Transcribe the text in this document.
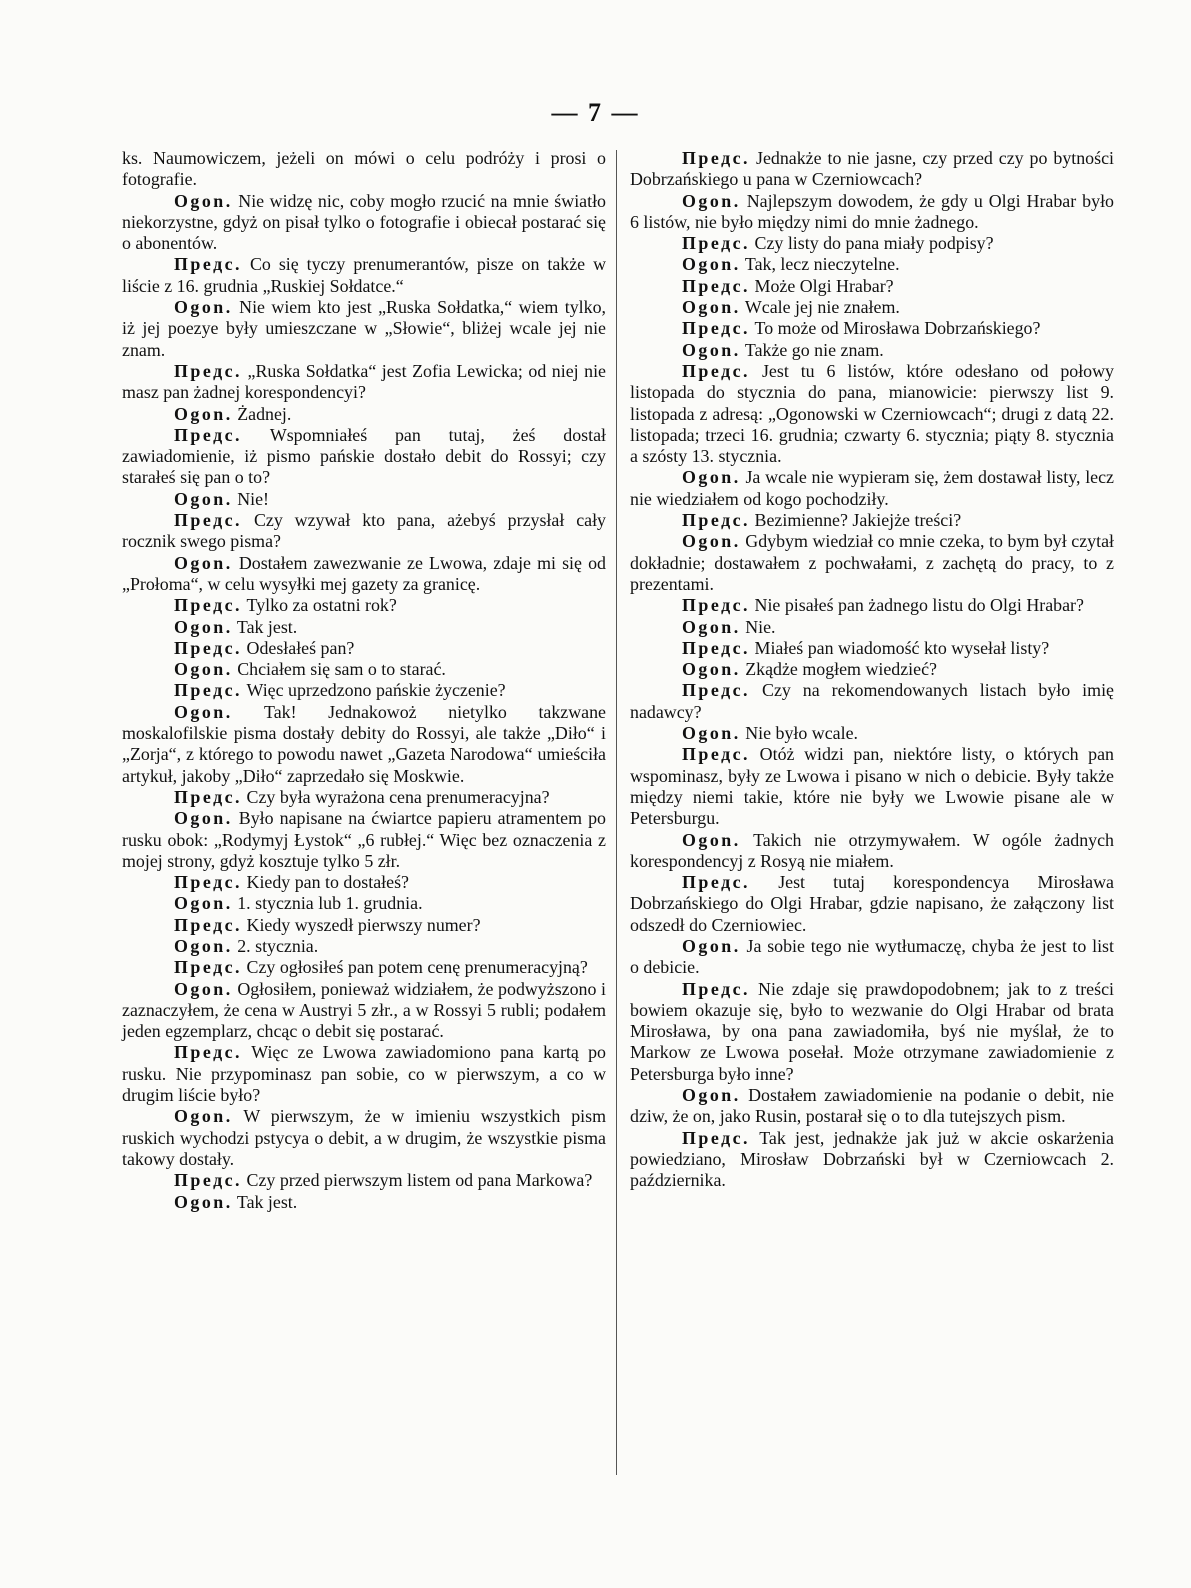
— 7 —

ks. Naumowiczem, jeżeli on mówi o celu podróży i prosi o fotografie.

Ogon. Nie widzę nic, coby mogło rzucić na mnie światło niekorzystne, gdyż on pisał tylko o fotografie i obiecał postarać się o abonentów.

Предс. Co się tyczy prenumerantów, pisze on także w liście z 16. grudnia „Ruskiej Sołdatce.“

Ogon. Nie wiem kto jest „Ruska Sołdatka,“ wiem tylko, iż jej poezye były umieszczane w „Słowie“, bliżej wcale jej nie znam.

Предс. „Ruska Sołdatka“ jest Zofia Lewicka; od niej nie masz pan żadnej korespondencyi?

Ogon. Żadnej.

Предс. Wspomniałeś pan tutaj, żeś dostał zawiadomienie, iż pismo pańskie dostało debit do Rossyi; czy starałeś się pan o to?

Ogon. Nie!

Предс. Czy wzywał kto pana, ażebyś przysłał cały rocznik swego pisma?

Ogon. Dostałem zawezwanie ze Lwowa, zdaje mi się od „Prołoma“, w celu wysyłki mej gazety za granicę.

Предс. Tylko za ostatni rok?

Ogon. Tak jest.

Предс. Odesłałeś pan?

Ogon. Chciałem się sam o to starać.

Предс. Więc uprzedzono pańskie życzenie?

Ogon. Tak! Jednakowoż nietylko takzwane moskalofilskie pisma dostały debity do Rossyi, ale także „Diło“ i „Zorja“, z którego to powodu nawet „Gazeta Narodowa“ umieściła artykuł, jakoby „Diło“ zaprzedało się Moskwie.

Предс. Czy była wyrażona cena prenumeracyjna?

Ogon. Było napisane na ćwiartce papieru atramentem po rusku obok: „Rodymyj Łystok“ „6 rubłej.“ Więc bez oznaczenia z mojej strony, gdyż kosztuje tylko 5 złr.

Предс. Kiedy pan to dostałeś?

Ogon. 1. stycznia lub 1. grudnia.

Предс. Kiedy wyszedł pierwszy numer?

Ogon. 2. stycznia.

Предс. Czy ogłosiłeś pan potem cenę prenumeracyjną?

Ogon. Ogłosiłem, ponieważ widziałem, że podwyższono i zaznaczyłem, że cena w Austryi 5 złr., a w Rossyi 5 rubli; podałem jeden egzemplarz, chcąc o debit się postarać.

Предс. Więc ze Lwowa zawiadomiono pana kartą po rusku. Nie przypominasz pan sobie, co w pierwszym, a co w drugim liście było?

Ogon. W pierwszym, że w imieniu wszystkich pism ruskich wychodzi pstycya o debit, a w drugim, że wszystkie pisma takowy dostały.

Предс. Czy przed pierwszym listem od pana Markowa?

Ogon. Tak jest.

Предс. Jednakże to nie jasne, czy przed czy po bytności Dobrzańskiego u pana w Czerniowcach?

Ogon. Najlepszym dowodem, że gdy u Olgi Hrabar było 6 listów, nie było między nimi do mnie żadnego.

Предс. Czy listy do pana miały podpisy?

Ogon. Tak, lecz nieczytelne.

Предс. Może Olgi Hrabar?

Ogon. Wcale jej nie znałem.

Предс. To może od Mirosława Dobrzańskiego?

Ogon. Także go nie znam.

Предс. Jest tu 6 listów, które odesłano od połowy listopada do stycznia do pana, mianowicie: pierwszy list 9. listopada z adresą: „Ogonowski w Czerniowcach“; drugi z datą 22. listopada; trzeci 16. grudnia; czwarty 6. stycznia; piąty 8. stycznia a szósty 13. stycznia.

Ogon. Ja wcale nie wypieram się, żem dostawał listy, lecz nie wiedziałem od kogo pochodziły.

Предс. Bezimienne? Jakiejże treści?

Ogon. Gdybym wiedział co mnie czeka, to bym był czytał dokładnie; dostawałem z pochwałami, z zachętą do pracy, to z prezentami.

Предс. Nie pisałeś pan żadnego listu do Olgi Hrabar?

Ogon. Nie.

Предс. Miałeś pan wiadomość kto wysełał listy?

Ogon. Zkądże mogłem wiedzieć?

Предс. Czy na rekomendowanych listach było imię nadawcy?

Ogon. Nie było wcale.

Предс. Otóż widzi pan, niektóre listy, o których pan wspominasz, były ze Lwowa i pisano w nich o debicie. Były także między niemi takie, które nie były we Lwowie pisane ale w Petersburgu.

Ogon. Takich nie otrzymywałem. W ogóle żadnych korespondencyj z Rosyą nie miałem.

Предс. Jest tutaj korespondencya Mirosława Dobrzańskiego do Olgi Hrabar, gdzie napisano, że załączony list odszedł do Czerniowiec.

Ogon. Ja sobie tego nie wytłumaczę, chyba że jest to list o debicie.

Предс. Nie zdaje się prawdopodobnem; jak to z treści bowiem okazuje się, było to wezwanie do Olgi Hrabar od brata Mirosława, by ona pana zawiadomiła, byś nie myślał, że to Markow ze Lwowa posełał. Może otrzymane zawiadomienie z Petersburga było inne?

Ogon. Dostałem zawiadomienie na podanie o debit, nie dziw, że on, jako Rusin, postarał się o to dla tutejszych pism.

Предс. Tak jest, jednakże jak już w akcie oskarżenia powiedziano, Mirosław Dobrzański był w Czerniowcach 2. października.
